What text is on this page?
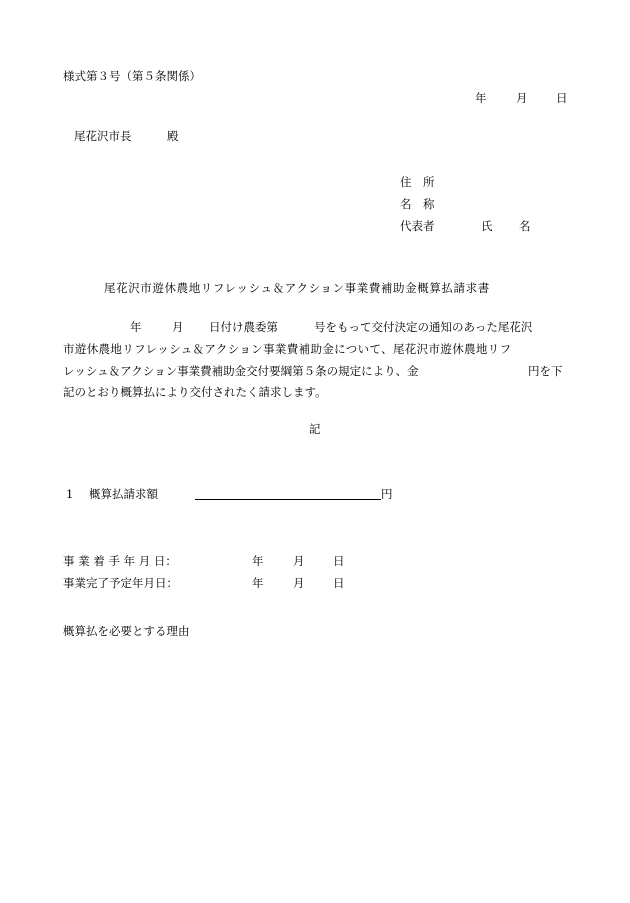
様式第３号（第５条関係）
年	月 日
尾花沢市長	殿
住　所
名　称
代表者	氏 名
尾花沢市遊休農地リフレッシュ＆アクション事業費補助金概算払請求書
年	月 日付け農委第	号をもって交付決定の通知のあった尾花沢
市遊休農地リフレッシュ＆アクション事業費補助金について、尾花沢市遊休農地リフ
レッシュ＆アクション事業費補助金交付要綱第５条の規定により、金	円を下
記のとおり概算払により交付されたく請求します。
記
1 概算払請求額	円
事 業 着 手 年 月 日：	年	月 日
事業完了予定年月日：	年	月 日
概算払を必要とする理由
